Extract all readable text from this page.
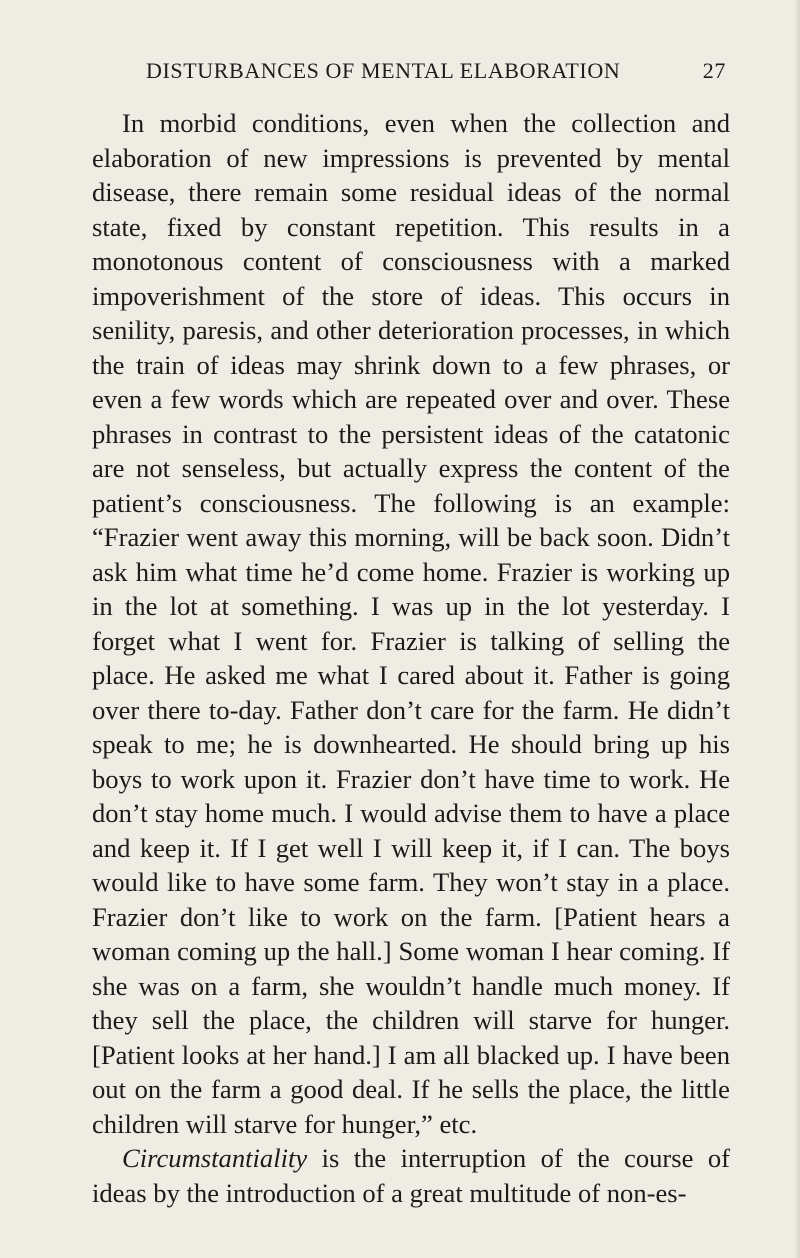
DISTURBANCES OF MENTAL ELABORATION	27

In morbid conditions, even when the collection and elaboration of new impressions is prevented by mental disease, there remain some residual ideas of the normal state, fixed by constant repetition. This results in a monotonous content of consciousness with a marked impoverishment of the store of ideas. This occurs in senility, paresis, and other deterioration processes, in which the train of ideas may shrink down to a few phrases, or even a few words which are repeated over and over. These phrases in contrast to the persistent ideas of the catatonic are not senseless, but actually express the content of the patient’s consciousness. The following is an example: “Frazier went away this morning, will be back soon. Didn’t ask him what time he’d come home. Frazier is working up in the lot at something. I was up in the lot yesterday. I forget what I went for. Frazier is talking of selling the place. He asked me what I cared about it. Father is going over there to-day. Father don’t care for the farm. He didn’t speak to me; he is downhearted. He should bring up his boys to work upon it. Frazier don’t have time to work. He don’t stay home much. I would advise them to have a place and keep it. If I get well I will keep it, if I can. The boys would like to have some farm. They won’t stay in a place. Frazier don’t like to work on the farm. [Patient hears a woman coming up the hall.] Some woman I hear coming. If she was on a farm, she wouldn’t handle much money. If they sell the place, the children will starve for hunger. [Patient looks at her hand.] I am all blacked up. I have been out on the farm a good deal. If he sells the place, the little children will starve for hunger,” etc.

Circumstantiality is the interruption of the course of ideas by the introduction of a great multitude of non-es-
